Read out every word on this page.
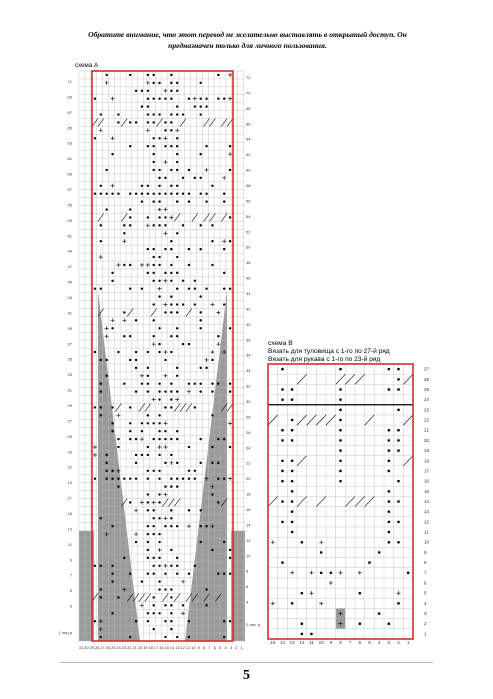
Обратите внимание, что этот перевод не желательно выставлять в открытый доступ. Он
предназначен только для личного пользования.
схема А
схема В
Вязать для туловища с 1-го по 27-й ряд
Вязать для рукава с 1-го по 23-й ряд
71
69
67
65
63
61
59
57
55
53
51
49
47
45
43
41
39
37
35
33
31
29
27
25
23
21
19
17
15
13
11
9
7
5
3
72
70
68
66
64
62
60
58
56
54
52
50
48
46
44
42
40
38
36
34
32
30
28
26
24
22
20
18
16
14
12
10
8
6
4
2 изн. р
1 лиц р
31 30 29 28 27 26 25 24 23 22 21 20 19 18 17 16 15 14 13 12 11 10 9 8 7 6 5 4 3 2 1
27
26
25
24
23
22
21
20
19
18
17
16
15
14
13
12
11
10
9
8
7
6
5
4
3
2
1
15 14 13 12 11 10 9 8 7 6 5 4 3 2 1
5
